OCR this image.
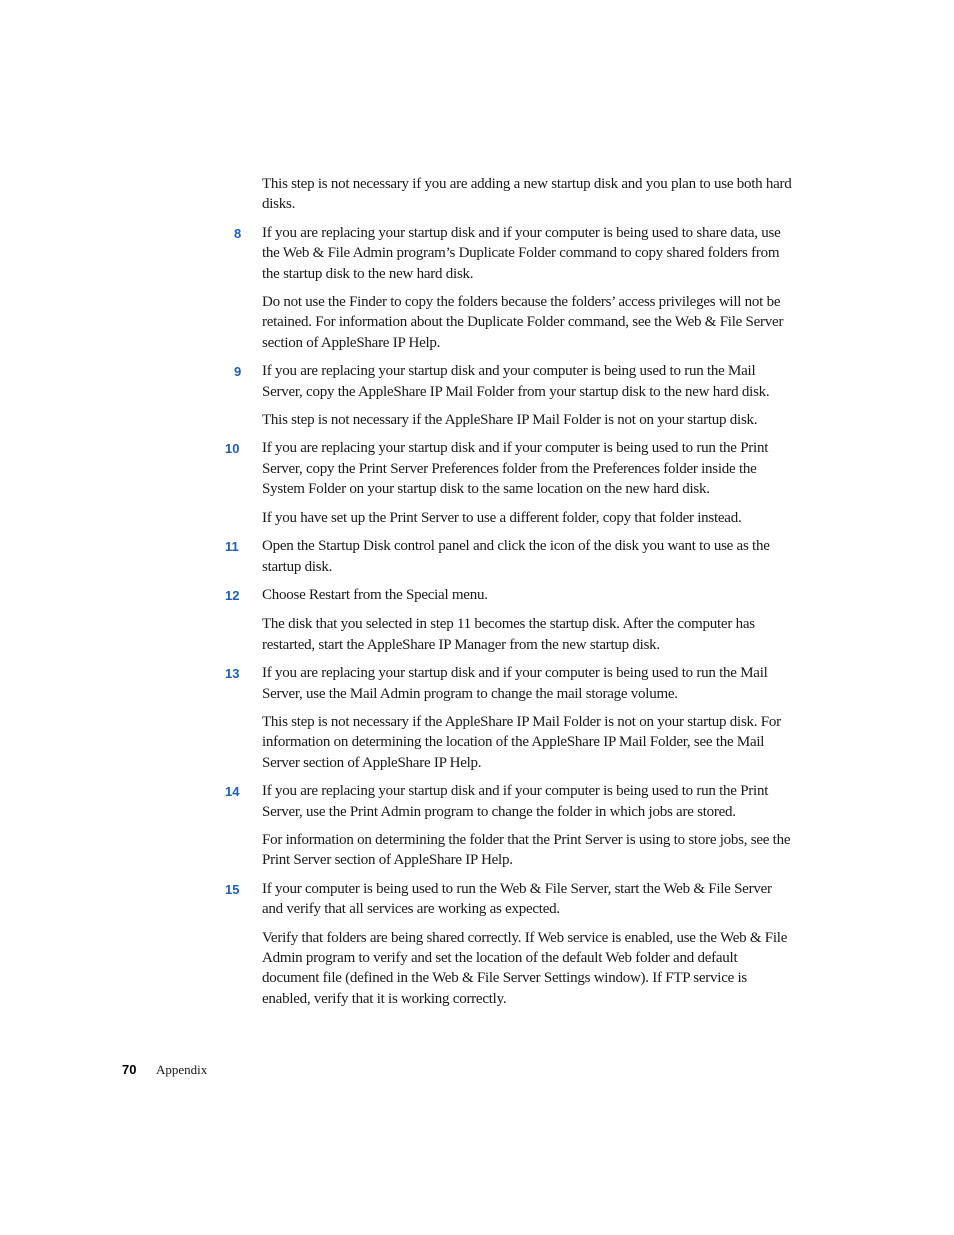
This step is not necessary if you are adding a new startup disk and you plan to use both hard disks.

8	If you are replacing your startup disk and if your computer is being used to share data, use the Web & File Admin program’s Duplicate Folder command to copy shared folders from the startup disk to the new hard disk.

Do not use the Finder to copy the folders because the folders’ access privileges will not be retained. For information about the Duplicate Folder command, see the Web & File Server section of AppleShare IP Help.

9	If you are replacing your startup disk and your computer is being used to run the Mail Server, copy the AppleShare IP Mail Folder from your startup disk to the new hard disk.

This step is not necessary if the AppleShare IP Mail Folder is not on your startup disk.

10	If you are replacing your startup disk and if your computer is being used to run the Print Server, copy the Print Server Preferences folder from the Preferences folder inside the System Folder on your startup disk to the same location on the new hard disk.

If you have set up the Print Server to use a different folder, copy that folder instead.

11	Open the Startup Disk control panel and click the icon of the disk you want to use as the startup disk.
12	Choose Restart from the Special menu.

The disk that you selected in step 11 becomes the startup disk. After the computer has restarted, start the AppleShare IP Manager from the new startup disk.

13	If you are replacing your startup disk and if your computer is being used to run the Mail Server, use the Mail Admin program to change the mail storage volume.

This step is not necessary if the AppleShare IP Mail Folder is not on your startup disk. For information on determining the location of the AppleShare IP Mail Folder, see the Mail Server section of AppleShare IP Help.

14	If you are replacing your startup disk and if your computer is being used to run the Print Server, use the Print Admin program to change the folder in which jobs are stored.

For information on determining the folder that the Print Server is using to store jobs, see the Print Server section of AppleShare IP Help.

15	If your computer is being used to run the Web & File Server, start the Web & File Server and verify that all services are working as expected.

Verify that folders are being shared correctly. If Web service is enabled, use the Web & File Admin program to verify and set the location of the default Web folder and default document file (defined in the Web & File Server Settings window). If FTP service is enabled, verify that it is working correctly.

70	Appendix
